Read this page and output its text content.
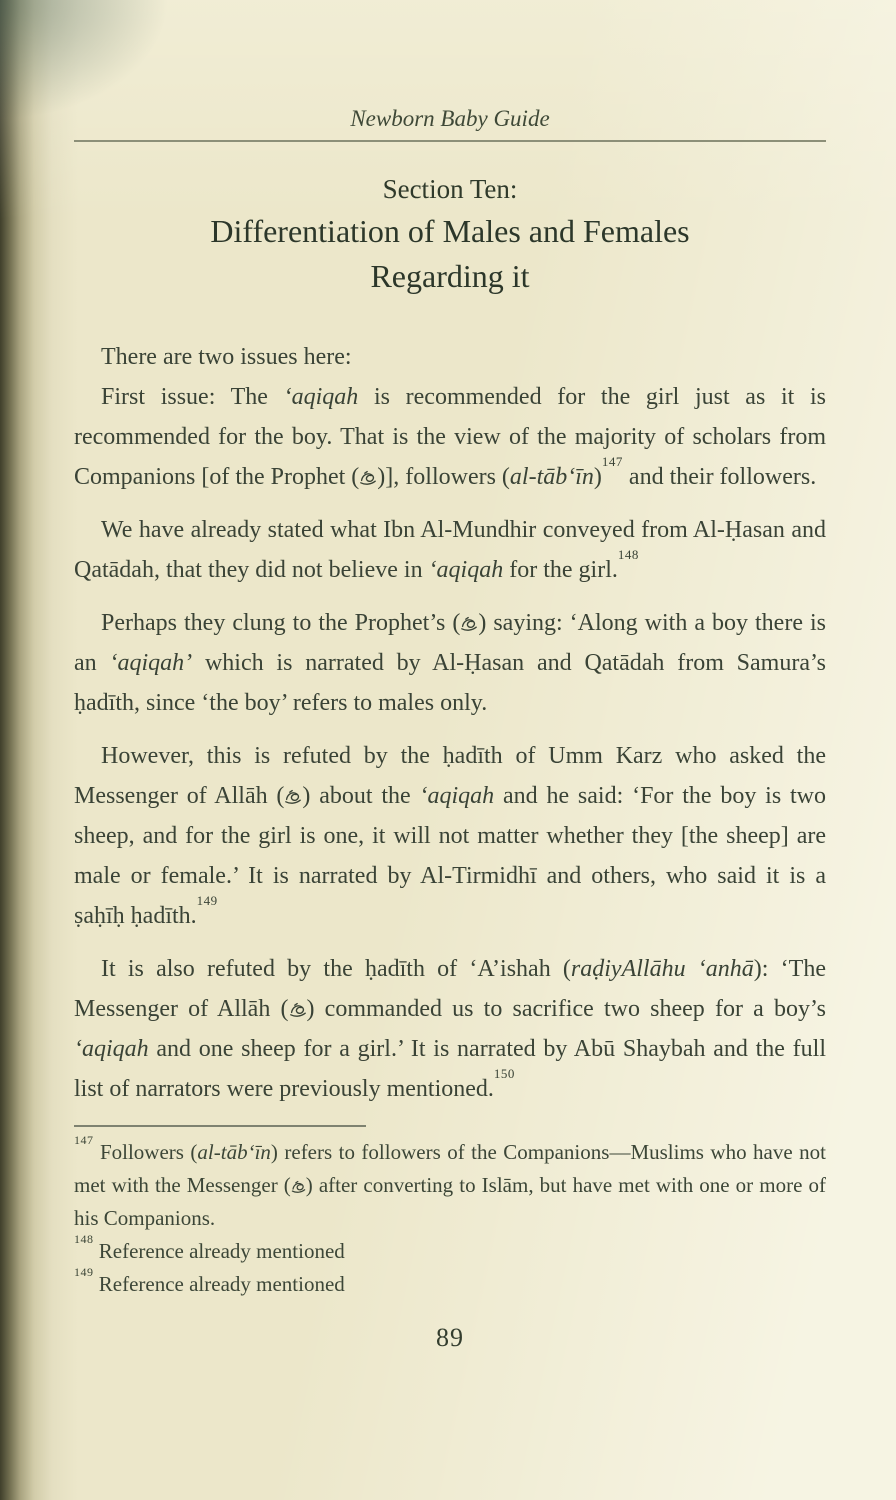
Newborn Baby Guide
Section Ten:
Differentiation of Males and Females
Regarding it

There are two issues here:

First issue: The ‘aqiqah is recommended for the girl just as it is recommended for the boy. That is the view of the majority of scholars from Companions [of the Prophet ( )], followers (al-tāb‘īn)$^{147}$ and their followers.

We have already stated what Ibn Al-Mundhir conveyed from Al-Ḥasan and Qatādah, that they did not believe in ‘aqiqah for the girl.$^{148}$

Perhaps they clung to the Prophet’s ( ) saying: ‘Along with a boy there is an ‘aqiqah’ which is narrated by Al-Ḥasan and Qatādah from Samura’s ḥadīth, since ‘the boy’ refers to males only.

However, this is refuted by the ḥadīth of Umm Karz who asked the Messenger of Allāh ( ) about the ‘aqiqah and he said: ‘For the boy is two sheep, and for the girl is one, it will not matter whether they [the sheep] are male or female.’ It is narrated by Al-Tirmidhī and others, who said it is a ṣaḥīḥ ḥadīth.$^{149}$

It is also refuted by the ḥadīth of ‘A’ishah (raḍiyAllāhu ‘anhā): ‘The Messenger of Allāh ( ) commanded us to sacrifice two sheep for a boy’s ‘aqiqah and one sheep for a girl.’ It is narrated by Abū Shaybah and the full list of narrators were previously mentioned.$^{150}$

$^{147}$ Followers (al-tāb‘īn) refers to followers of the Companions—Muslims who have not met with the Messenger ( ) after converting to Islām, but have met with one or more of his Companions.

$^{148}$ Reference already mentioned

$^{149}$ Reference already mentioned

89
